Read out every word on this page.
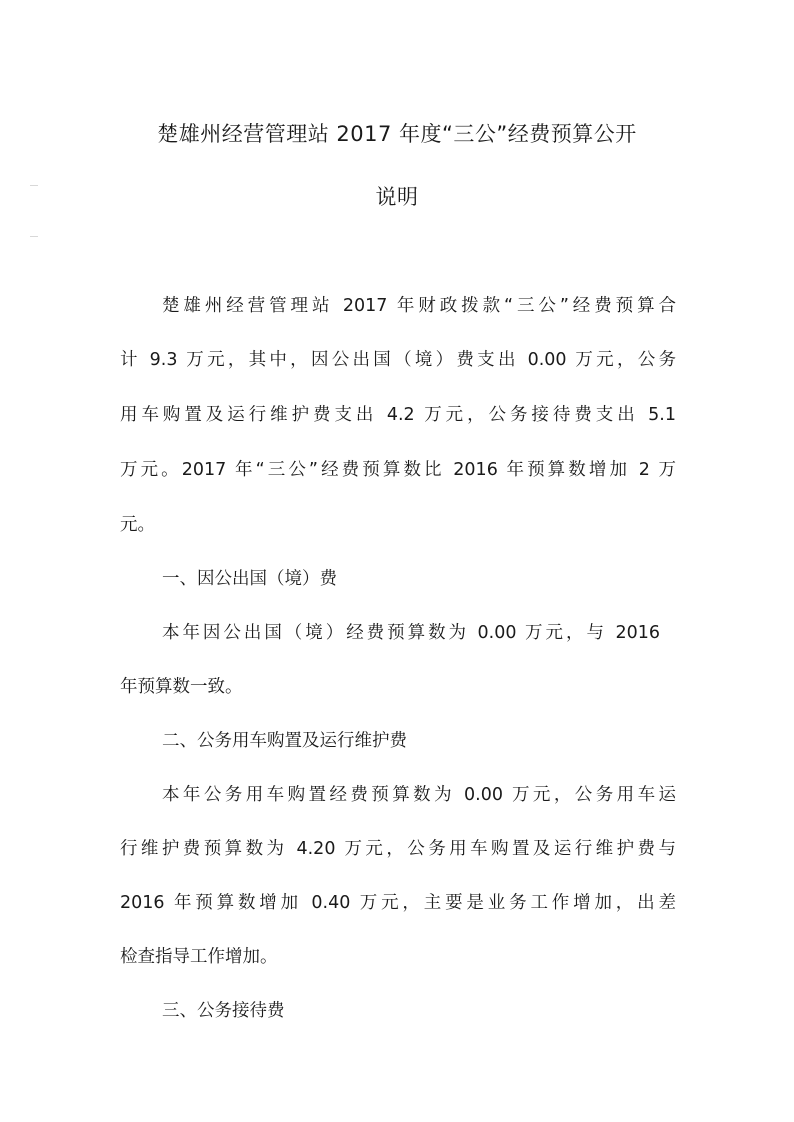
楚雄州经营管理站 2017 年度“三公”经费预算公开
说明
楚雄州经营管理站 2017 年财政拨款“三公”经费预算合
计 9.3 万元，其中，因公出国（境）费支出 0.00 万元，公务
用车购置及运行维护费支出 4.2 万元，公务接待费支出 5.1
万元。2017 年“三公”经费预算数比 2016 年预算数增加 2 万
元。
一、因公出国（境）费
本年因公出国（境）经费预算数为 0.00 万元，与 2016
年预算数一致。
二、公务用车购置及运行维护费
本年公务用车购置经费预算数为 0.00 万元，公务用车运
行维护费预算数为 4.20 万元，公务用车购置及运行维护费与
2016 年预算数增加 0.40 万元，主要是业务工作增加，出差
检查指导工作增加。
三、公务接待费
